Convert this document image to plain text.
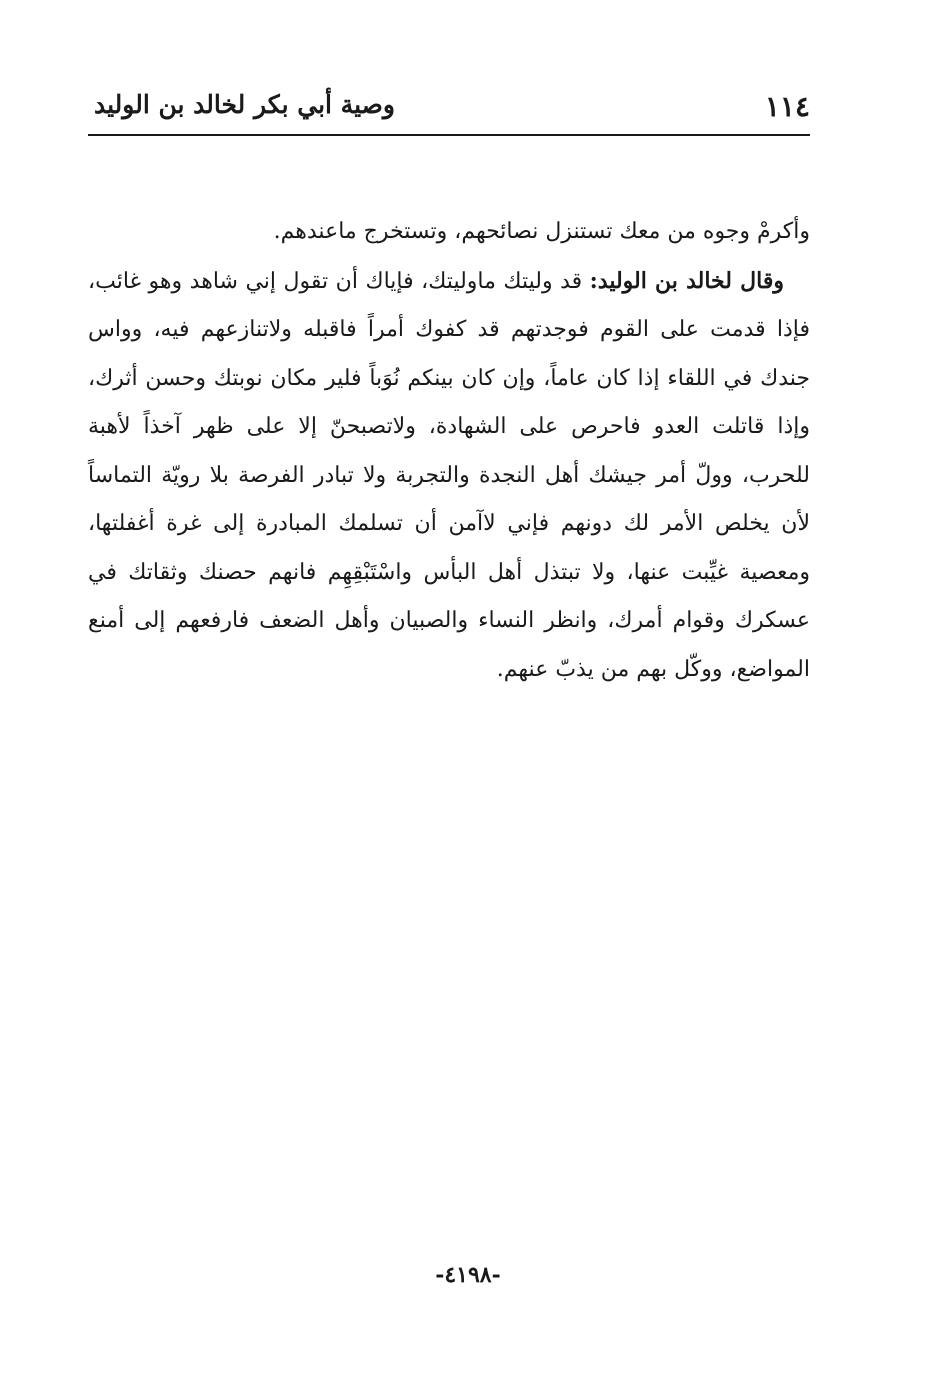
١١٤
وصية أبي بكر لخالد بن الوليد

وأكرمْ وجوه من معك تستنزل نصائحهم، وتستخرج ماعندهم.

وقال لخالد بن الوليد: قد وليتك ماوليتك، فإياك أن تقول إني شاهد وهو غائب، فإذا قدمت على القوم فوجدتهم قد كفوك أمراً فاقبله ولاتنازعهم فيه، وواس جندك في اللقاء إذا كان عاماً، وإن كان بينكم نُوَباً فلير مكان نوبتك وحسن أثرك، وإذا قاتلت العدو فاحرص على الشهادة، ولاتصبحنّ إلا على ظهر آخذاً لأهبة للحرب، وولّ أمر جيشك أهل النجدة والتجربة ولا تبادر الفرصة بلا رويّة التماساً لأن يخلص الأمر لك دونهم فإني لاآمن أن تسلمك المبادرة إلى غرة أغفلتها، ومعصية غيِّبت عنها، ولا تبتذل أهل البأس واسْتَبْقِهِم فانهم حصنك وثقاتك في عسكرك وقوام أمرك، وانظر النساء والصبيان وأهل الضعف فارفعهم إلى أمنع المواضع، ووكّل بهم من يذبّ عنهم.

-٤١٩٨-
